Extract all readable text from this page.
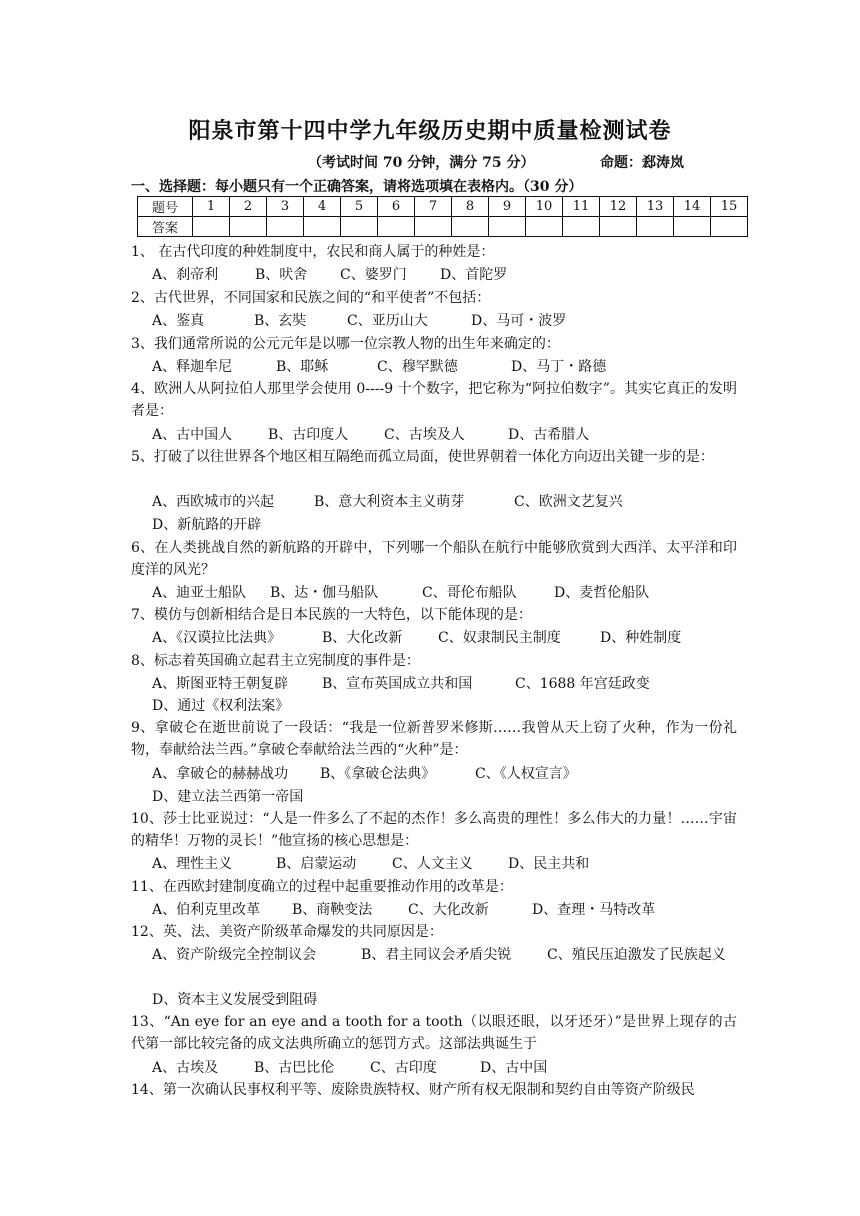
阳泉市第十四中学九年级历史期中质量检测试卷
（考试时间 70 分钟，满分 75 分）	命题：郄涛岚
一、选择题：每小题只有一个正确答案，请将选项填在表格内。（30 分）
题号	1	2	3	4	5	6	7	8	9	10	11	12	13	14	15
答案															
1、 在古代印度的种姓制度中，农民和商人属于的种姓是：
A、刹帝利	B、吠舍 C、婆罗门 D、首陀罗
2、古代世界，不同国家和民族之间的“和平使者”不包括：
A、鉴真	B、玄奘	C、亚历山大	D、马可・波罗
3、我们通常所说的公元元年是以哪一位宗教人物的出生年来确定的：
A、释迦牟尼	B、耶稣	C、穆罕默德	D、马丁・路德
4、欧洲人从阿拉伯人那里学会使用 0----9 十个数字，把它称为“阿拉伯数字”。其实它真正的发明者是：
A、古中国人	B、古印度人	C、古埃及人	D、古希腊人
5、打破了以往世界各个地区相互隔绝而孤立局面，使世界朝着一体化方向迈出关键一步的是：
A、西欧城市的兴起	B、意大利资本主义萌芽	C、欧洲文艺复兴
D、新航路的开辟
6、在人类挑战自然的新航路的开辟中，下列哪一个船队在航行中能够欣赏到大西洋、太平洋和印度洋的风光？
A、迪亚士船队 B、达・伽马船队	C、哥伦布船队	D、麦哲伦船队
7、模仿与创新相结合是日本民族的一大特色，以下能体现的是：
A、《汉谟拉比法典》	B、大化改新	C、奴隶制民主制度	D、种姓制度
8、标志着英国确立起君主立宪制度的事件是：
A、斯图亚特王朝复辟 B、宣布英国成立共和国	C、1688 年宫廷政变
D、通过《权利法案》
9、拿破仑在逝世前说了一段话：“我是一位新普罗米修斯……我曾从天上窃了火种，作为一份礼物，奉献给法兰西。”拿破仑奉献给法兰西的“火种”是：
A、拿破仑的赫赫战功 B、《拿破仑法典》	C、《人权宣言》
D、建立法兰西第一帝国
10、莎士比亚说过：“人是一件多么了不起的杰作！多么高贵的理性！多么伟大的力量！……宇宙的精华！万物的灵长！”他宣扬的核心思想是：
A、理性主义	B、启蒙运动	C、人文主义	D、民主共和
11、在西欧封建制度确立的过程中起重要推动作用的改革是：
A、伯利克里改革 B、商鞅变法	C、大化改新	D、查理・马特改革
12、英、法、美资产阶级革命爆发的共同原因是：
A、资产阶级完全控制议会	B、君主同议会矛盾尖锐	C、殖民压迫激发了民族起义
D、资本主义发展受到阻碍
13、“An eye for an eye and a tooth for a tooth（以眼还眼，以牙还牙）”是世界上现存的古代第一部比较完备的成文法典所确立的惩罚方式。这部法典诞生于
A、古埃及	B、古巴比伦	C、古印度	D、古中国
14、第一次确认民事权利平等、废除贵族特权、财产所有权无限制和契约自由等资产阶级民
